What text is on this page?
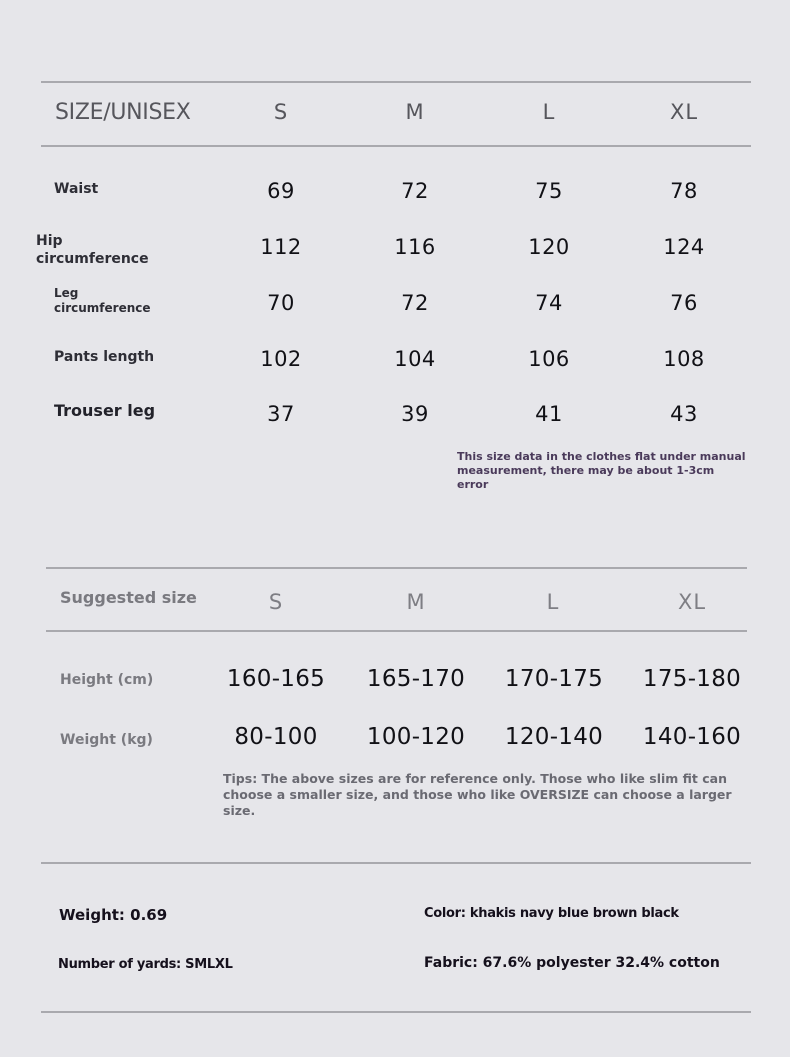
SIZE/UNISEX	S	M	L	XL
Waist	69	72	75	78
Hip circumference	112	116	120	124
Leg circumference	70	72	74	76
Pants length	102	104	106	108
Trouser leg	37	39	41	43
This size data in the clothes flat under manual measurement, there may be about 1-3cm error
Suggested size	S	M	L	XL
Height (cm)	160-165	165-170	170-175	175-180
Weight (kg)	80-100	100-120	120-140	140-160
Tips: The above sizes are for reference only. Those who like slim fit can choose a smaller size, and those who like OVERSIZE can choose a larger size.
Weight: 0.69
Number of yards: SMLXL
Color: khakis navy blue brown black
Fabric: 67.6% polyester 32.4% cotton
